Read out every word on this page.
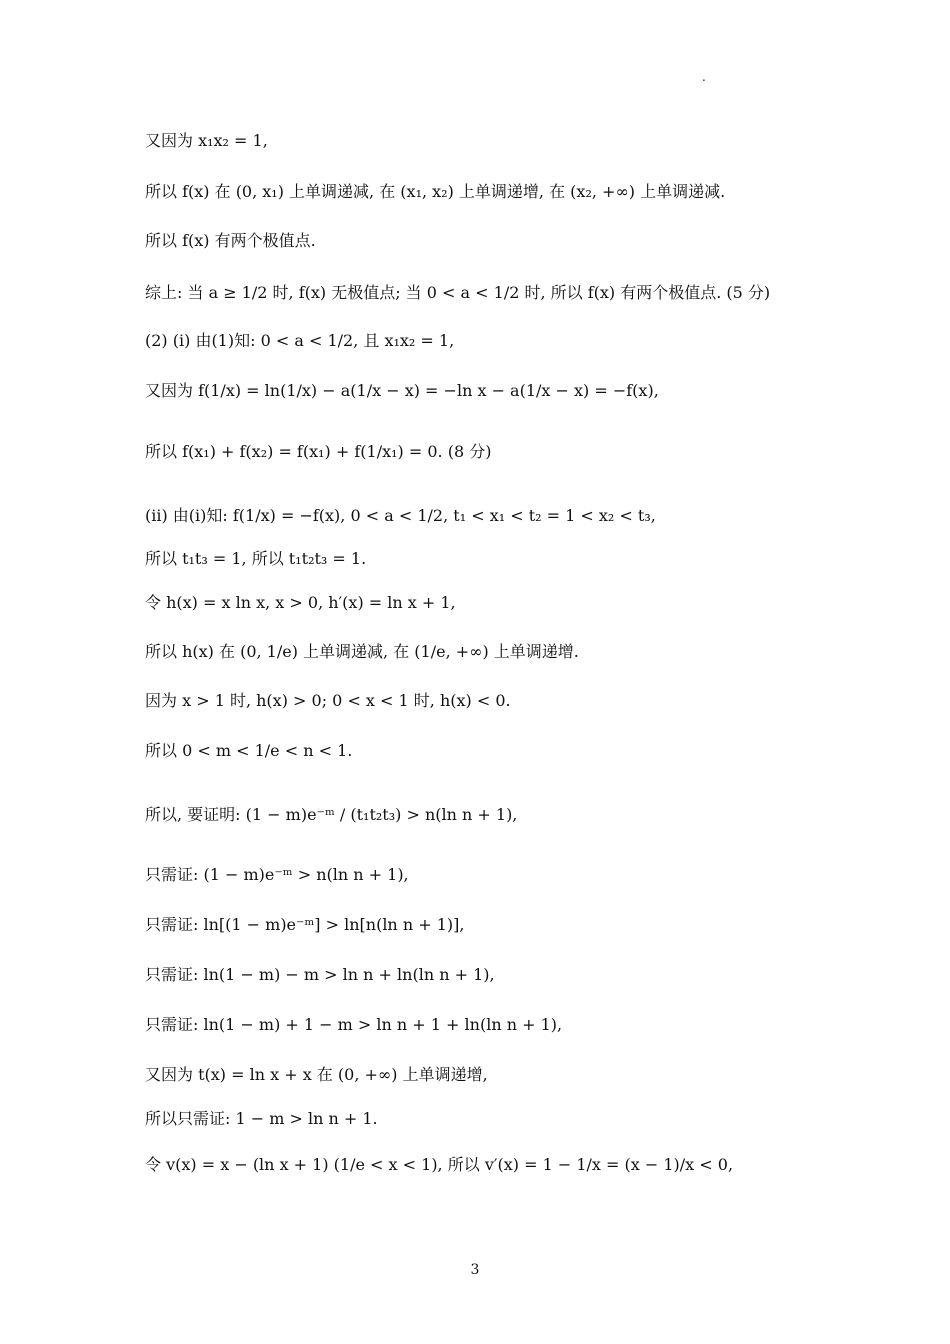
.
又因为 x₁x₂ = 1,
所以 f(x) 在 (0, x₁) 上单调递减, 在 (x₁, x₂) 上单调递增, 在 (x₂, +∞) 上单调递减.
所以 f(x) 有两个极值点.
综上: 当 a ≥ 1/2 时, f(x) 无极值点; 当 0 < a < 1/2 时, 所以 f(x) 有两个极值点. (5 分)
(2) (i) 由(1)知: 0 < a < 1/2, 且 x₁x₂ = 1,
又因为 f(1/x) = ln(1/x) − a(1/x − x) = −ln x − a(1/x − x) = −f(x),
所以 f(x₁) + f(x₂) = f(x₁) + f(1/x₁) = 0. (8 分)
(ii) 由(i)知: f(1/x) = −f(x), 0 < a < 1/2, t₁ < x₁ < t₂ = 1 < x₂ < t₃,
所以 t₁t₃ = 1, 所以 t₁t₂t₃ = 1.
令 h(x) = x ln x, x > 0, h′(x) = ln x + 1,
所以 h(x) 在 (0, 1/e) 上单调递减, 在 (1/e, +∞) 上单调递增.
因为 x > 1 时, h(x) > 0; 0 < x < 1 时, h(x) < 0.
所以 0 < m < 1/e < n < 1.
所以, 要证明: (1 − m)e⁻ᵐ / (t₁t₂t₃) > n(ln n + 1),
只需证: (1 − m)e⁻ᵐ > n(ln n + 1),
只需证: ln[(1 − m)e⁻ᵐ] > ln[n(ln n + 1)],
只需证: ln(1 − m) − m > ln n + ln(ln n + 1),
只需证: ln(1 − m) + 1 − m > ln n + 1 + ln(ln n + 1),
又因为 t(x) = ln x + x 在 (0, +∞) 上单调递增,
所以只需证: 1 − m > ln n + 1.
令 v(x) = x − (ln x + 1) (1/e < x < 1), 所以 v′(x) = 1 − 1/x = (x − 1)/x < 0,
3
